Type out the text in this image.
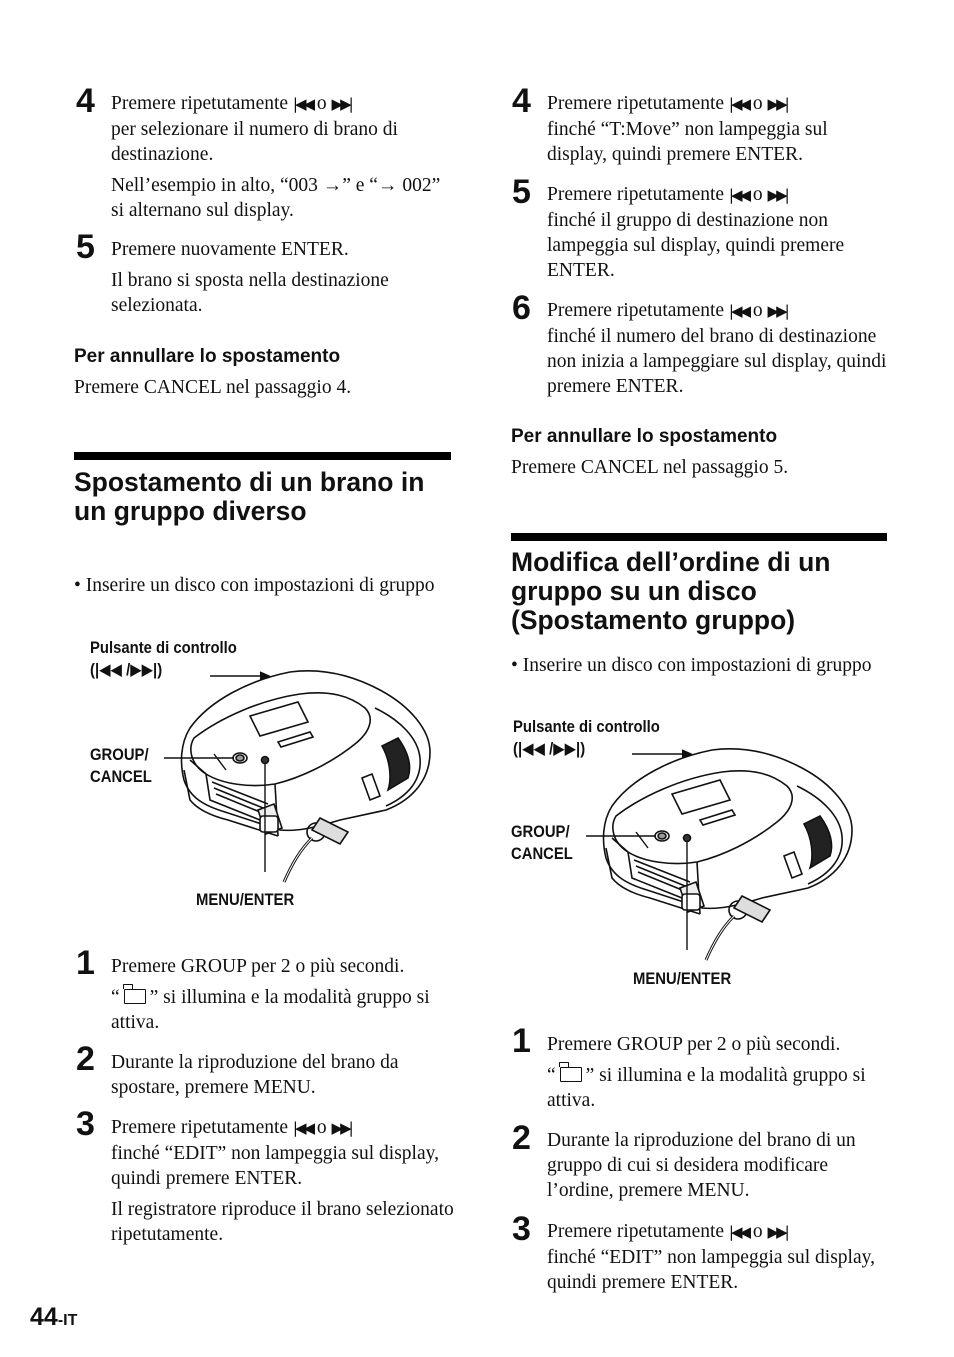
4 Premere ripetutamente |◀◀ o ▶▶|

per selezionare il numero di brano di destinazione.

Nell’esempio in alto, “003 →” e “→ 002” si alternano sul display.

5 Premere nuovamente ENTER.

Il brano si sposta nella destinazione selezionata.

Per annullare lo spostamento
Premere CANCEL nel passaggio 4.
Spostamento di un brano in un gruppo diverso
• Inserire un disco con impostazioni di gruppo
Pulsante di controllo
(|◀◀ /▶▶|)
GROUP/
CANCEL
MENU/ENTER
1 Premere GROUP per 2 o più secondi.

“ ” si illumina e la modalità gruppo si attiva.

2 Durante la riproduzione del brano da spostare, premere MENU.
3 Premere ripetutamente |◀◀ o ▶▶|

finché “EDIT” non lampeggia sul display, quindi premere ENTER.

Il registratore riproduce il brano selezionato ripetutamente.

4 Premere ripetutamente |◀◀ o ▶▶|

finché “T:Move” non lampeggia sul display, quindi premere ENTER.

5 Premere ripetutamente |◀◀ o ▶▶|

finché il gruppo di destinazione non lampeggia sul display, quindi premere ENTER.

6 Premere ripetutamente |◀◀ o ▶▶|

finché il numero del brano di destinazione non inizia a lampeggiare sul display, quindi premere ENTER.

Per annullare lo spostamento
Premere CANCEL nel passaggio 5.
Modifica dell’ordine di un gruppo su un disco (Spostamento gruppo)
• Inserire un disco con impostazioni di gruppo
Pulsante di controllo
(|◀◀ /▶▶|)
GROUP/
CANCEL
MENU/ENTER
1 Premere GROUP per 2 o più secondi.

“ ” si illumina e la modalità gruppo si attiva.

2 Durante la riproduzione del brano di un gruppo di cui si desidera modificare l’ordine, premere MENU.
3 Premere ripetutamente |◀◀ o ▶▶|

finché “EDIT” non lampeggia sul display, quindi premere ENTER.

44-IT
